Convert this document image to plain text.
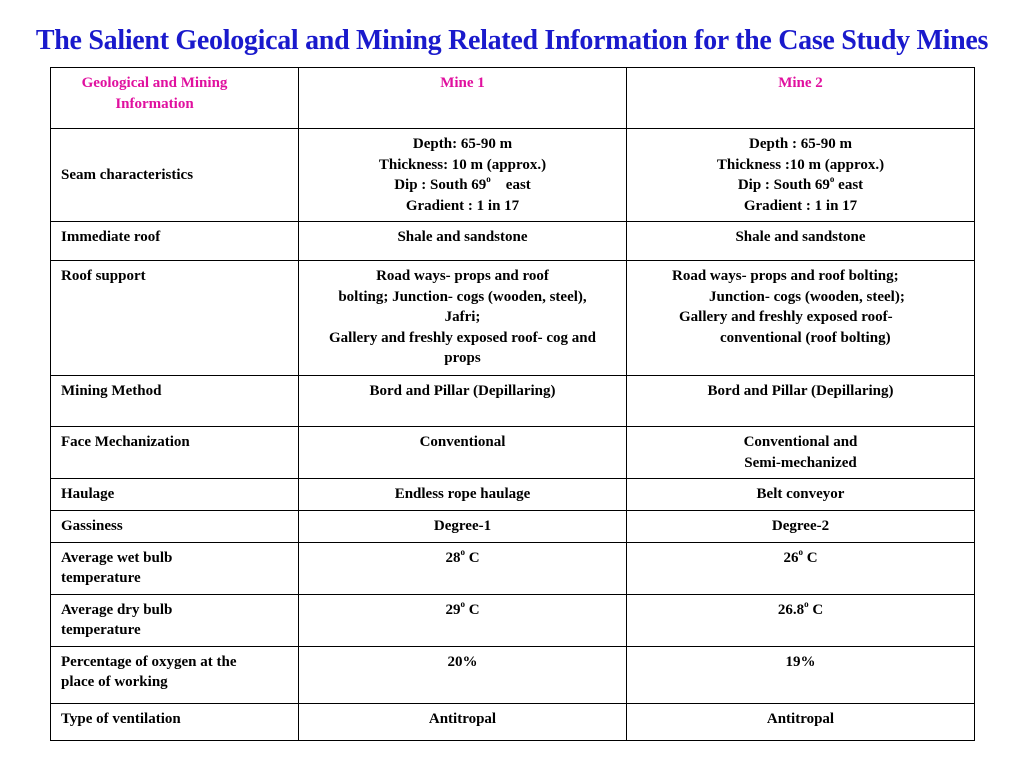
The Salient Geological and Mining Related Information for the Case Study Mines
Geological and Mining
Information	Mine 1	Mine 2
Seam characteristics	Depth: 65-90 m
Thickness: 10 m (approx.)
Dip : South 69$^o$ east
Gradient : 1 in 17	Depth : 65-90 m
Thickness :10 m (approx.)
Dip : South 69$^o$ east
Gradient : 1 in 17

Immediate roof	Shale and sandstone	Shale and sandstone
Roof support	Road ways- props and roof
bolting; Junction- cogs (wooden, steel),
Jafri;
Gallery and freshly exposed roof- cog and
props	Road ways- props and roof bolting;
Junction- cogs (wooden, steel);
Gallery and freshly exposed roof-
conventional (roof bolting)

Mining Method	Bord and Pillar (Depillaring)	Bord and Pillar (Depillaring)
Face Mechanization	Conventional	Conventional and
Semi-mechanized

Haulage	Endless rope haulage	Belt conveyor
Gassiness	Degree-1	Degree-2

Average wet bulb
temperature	28$^o$ C	26$^o$ C

Average dry bulb
temperature	29$^o$ C	26.8$^o$ C

Percentage of oxygen at the
place of working	20%	19%
Type of ventilation	Antitropal	Antitropal
